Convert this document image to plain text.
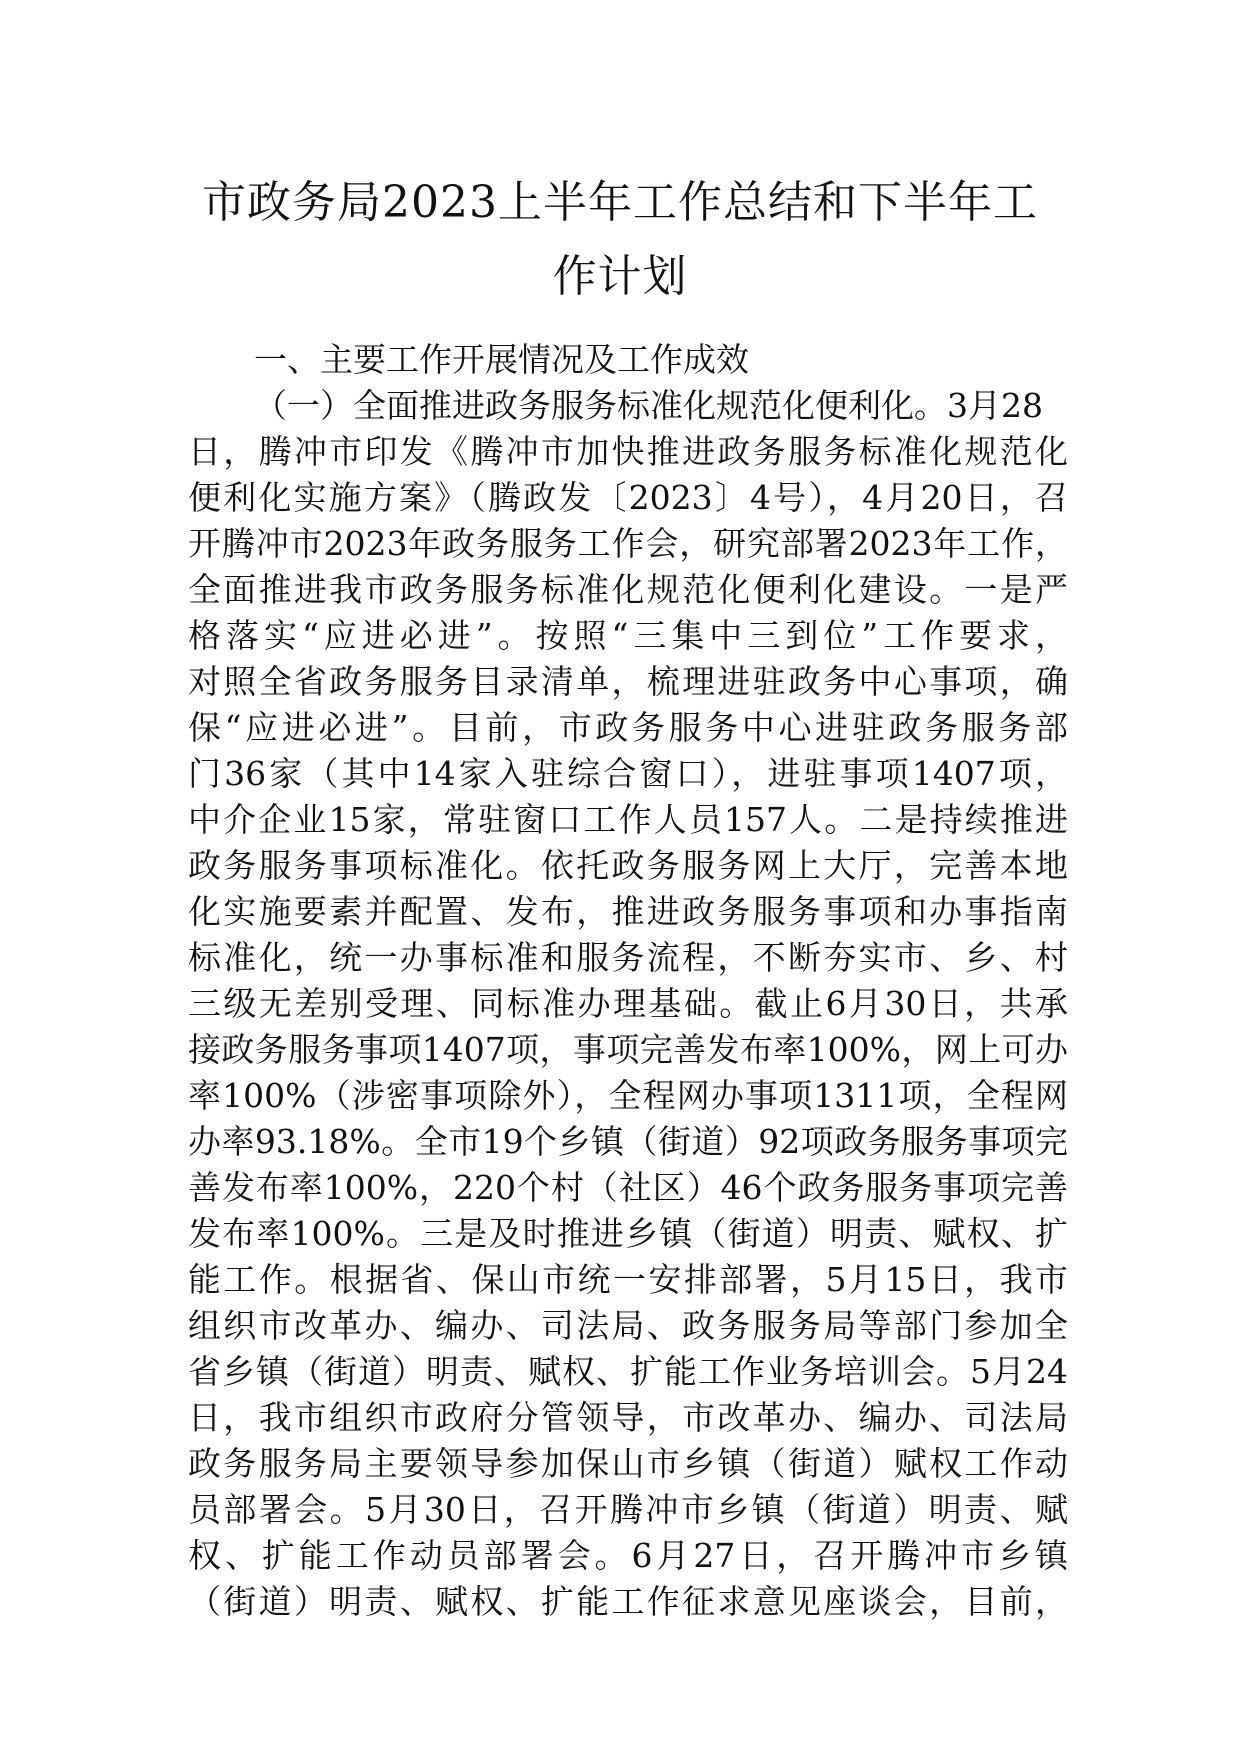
市政务局2023上半年工作总结和下半年工
作计划
一、主要工作开展情况及工作成效
（一）全面推进政务服务标准化规范化便利化。3月28
日，腾冲市印发《腾冲市加快推进政务服务标准化规范化
便利化实施方案》（腾政发〔2023〕4号），4月20日，召
开腾冲市2023年政务服务工作会，研究部署2023年工作，
全面推进我市政务服务标准化规范化便利化建设。一是严
格落实“应进必进”。按照“三集中三到位”工作要求，
对照全省政务服务目录清单，梳理进驻政务中心事项，确
保“应进必进”。目前，市政务服务中心进驻政务服务部
门36家（其中14家入驻综合窗口），进驻事项1407项，
中介企业15家，常驻窗口工作人员157人。二是持续推进
政务服务事项标准化。依托政务服务网上大厅，完善本地
化实施要素并配置、发布，推进政务服务事项和办事指南
标准化，统一办事标准和服务流程，不断夯实市、乡、村
三级无差别受理、同标准办理基础。截止6月30日，共承
接政务服务事项1407项，事项完善发布率100%，网上可办
率100%（涉密事项除外），全程网办事项1311项，全程网
办率93.18%。全市19个乡镇（街道）92项政务服务事项完
善发布率100%，220个村（社区）46个政务服务事项完善
发布率100%。三是及时推进乡镇（街道）明责、赋权、扩
能工作。根据省、保山市统一安排部署，5月15日，我市
组织市改革办、编办、司法局、政务服务局等部门参加全
省乡镇（街道）明责、赋权、扩能工作业务培训会。5月24
日，我市组织市政府分管领导，市改革办、编办、司法局
政务服务局主要领导参加保山市乡镇（街道）赋权工作动
员部署会。5月30日，召开腾冲市乡镇（街道）明责、赋
权、扩能工作动员部署会。6月27日，召开腾冲市乡镇
（街道）明责、赋权、扩能工作征求意见座谈会，目前，
